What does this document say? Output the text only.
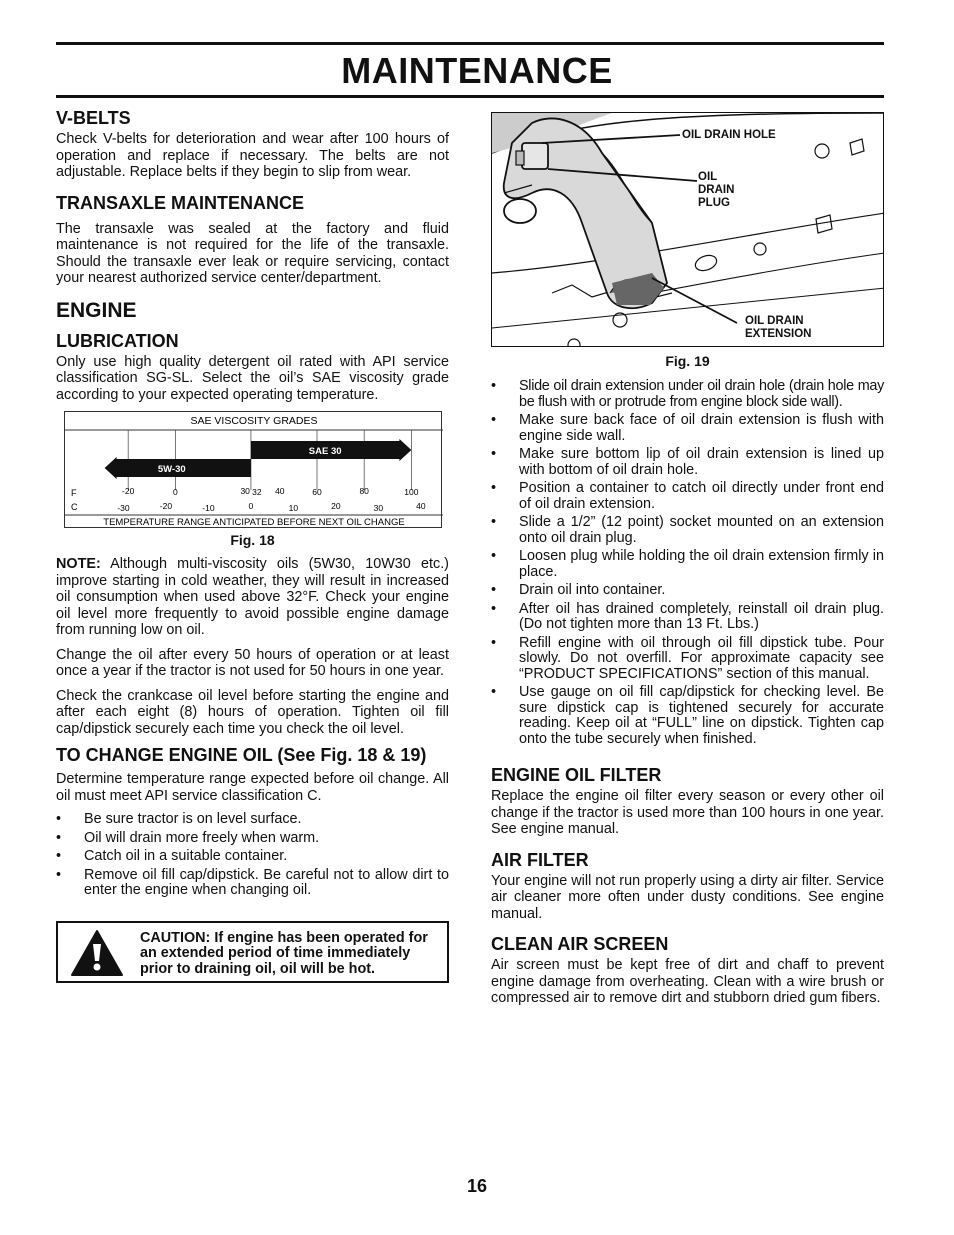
MAINTENANCE
V-BELTS

Check V-belts for deterioration and wear after 100 hours of operation and replace if necessary. The belts are not adjustable. Replace belts if they begin to slip from wear.

TRANSAXLE MAINTENANCE

The transaxle was sealed at the factory and fluid maintenance is not required for the life of the transaxle. Should the transaxle ever leak or require servicing, contact your nearest authorized service center/department.

ENGINE
LUBRICATION

Only use high quality detergent oil rated with API service classification SG-SL. Select the oil’s SAE viscosity grade according to your expected operating temperature.

SAE VISCOSITY GRADES
TEMPERATURE RANGE ANTICIPATED BEFORE NEXT OIL CHANGE
5W-30
SAE 30
F	-20	0	30 32 40	60	80	100
C	-30	-20	-10	0	10	20	30	40
Fig. 18

NOTE: Although multi-viscosity oils (5W30, 10W30 etc.) improve starting in cold weather, they will result in increased oil consumption when used above 32°F. Check your engine oil level more frequently to avoid possible engine damage from running low on oil.

Change the oil after every 50 hours of operation or at least once a year if the tractor is not used for 50 hours in one year.

Check the crankcase oil level before starting the engine and after each eight (8) hours of operation. Tighten oil fill cap/dipstick securely each time you check the oil level.

TO CHANGE ENGINE OIL (See Fig. 18 & 19)

Determine temperature range expected before oil change. All oil must meet API service classification C.

• Be sure tractor is on level surface.
• Oil will drain more freely when warm.
• Catch oil in a suitable container.
• Remove oil fill cap/dipstick. Be careful not to allow dirt to enter the engine when changing oil.
CAUTION: If engine has been operated for an extended period of time immediately prior to draining oil, oil will be hot.
OIL DRAIN HOLE
OIL
DRAIN
PLUG
OIL DRAIN
EXTENSION
Fig. 19
• Slide oil drain extension under oil drain hole (drain hole may be flush with or protrude from engine block side wall).
• Make sure back face of oil drain extension is flush with engine side wall.
• Make sure bottom lip of oil drain extension is lined up with bottom of oil drain hole.
• Position a container to catch oil directly under front end of oil drain extension.
• Slide a 1/2” (12 point) socket mounted on an extension onto oil drain plug.
• Loosen plug while holding the oil drain extension firmly in place.
• Drain oil into container.
• After oil has drained completely, reinstall oil drain plug. (Do not tighten more than 13 Ft. Lbs.)
• Refill engine with oil through oil fill dipstick tube. Pour slowly. Do not overfill. For approximate capacity see “PRODUCT SPECIFICATIONS” section of this manual.
• Use gauge on oil fill cap/dipstick for checking level. Be sure dipstick cap is tightened securely for accurate reading. Keep oil at “FULL” line on dipstick. Tighten cap onto the tube securely when finished.
ENGINE OIL FILTER

Replace the engine oil filter every season or every other oil change if the tractor is used more than 100 hours in one year. See engine manual.

AIR FILTER

Your engine will not run properly using a dirty air filter. Service air cleaner more often under dusty conditions. See engine manual.

CLEAN AIR SCREEN

Air screen must be kept free of dirt and chaff to prevent engine damage from overheating. Clean with a wire brush or compressed air to remove dirt and stubborn dried gum fibers.

16
